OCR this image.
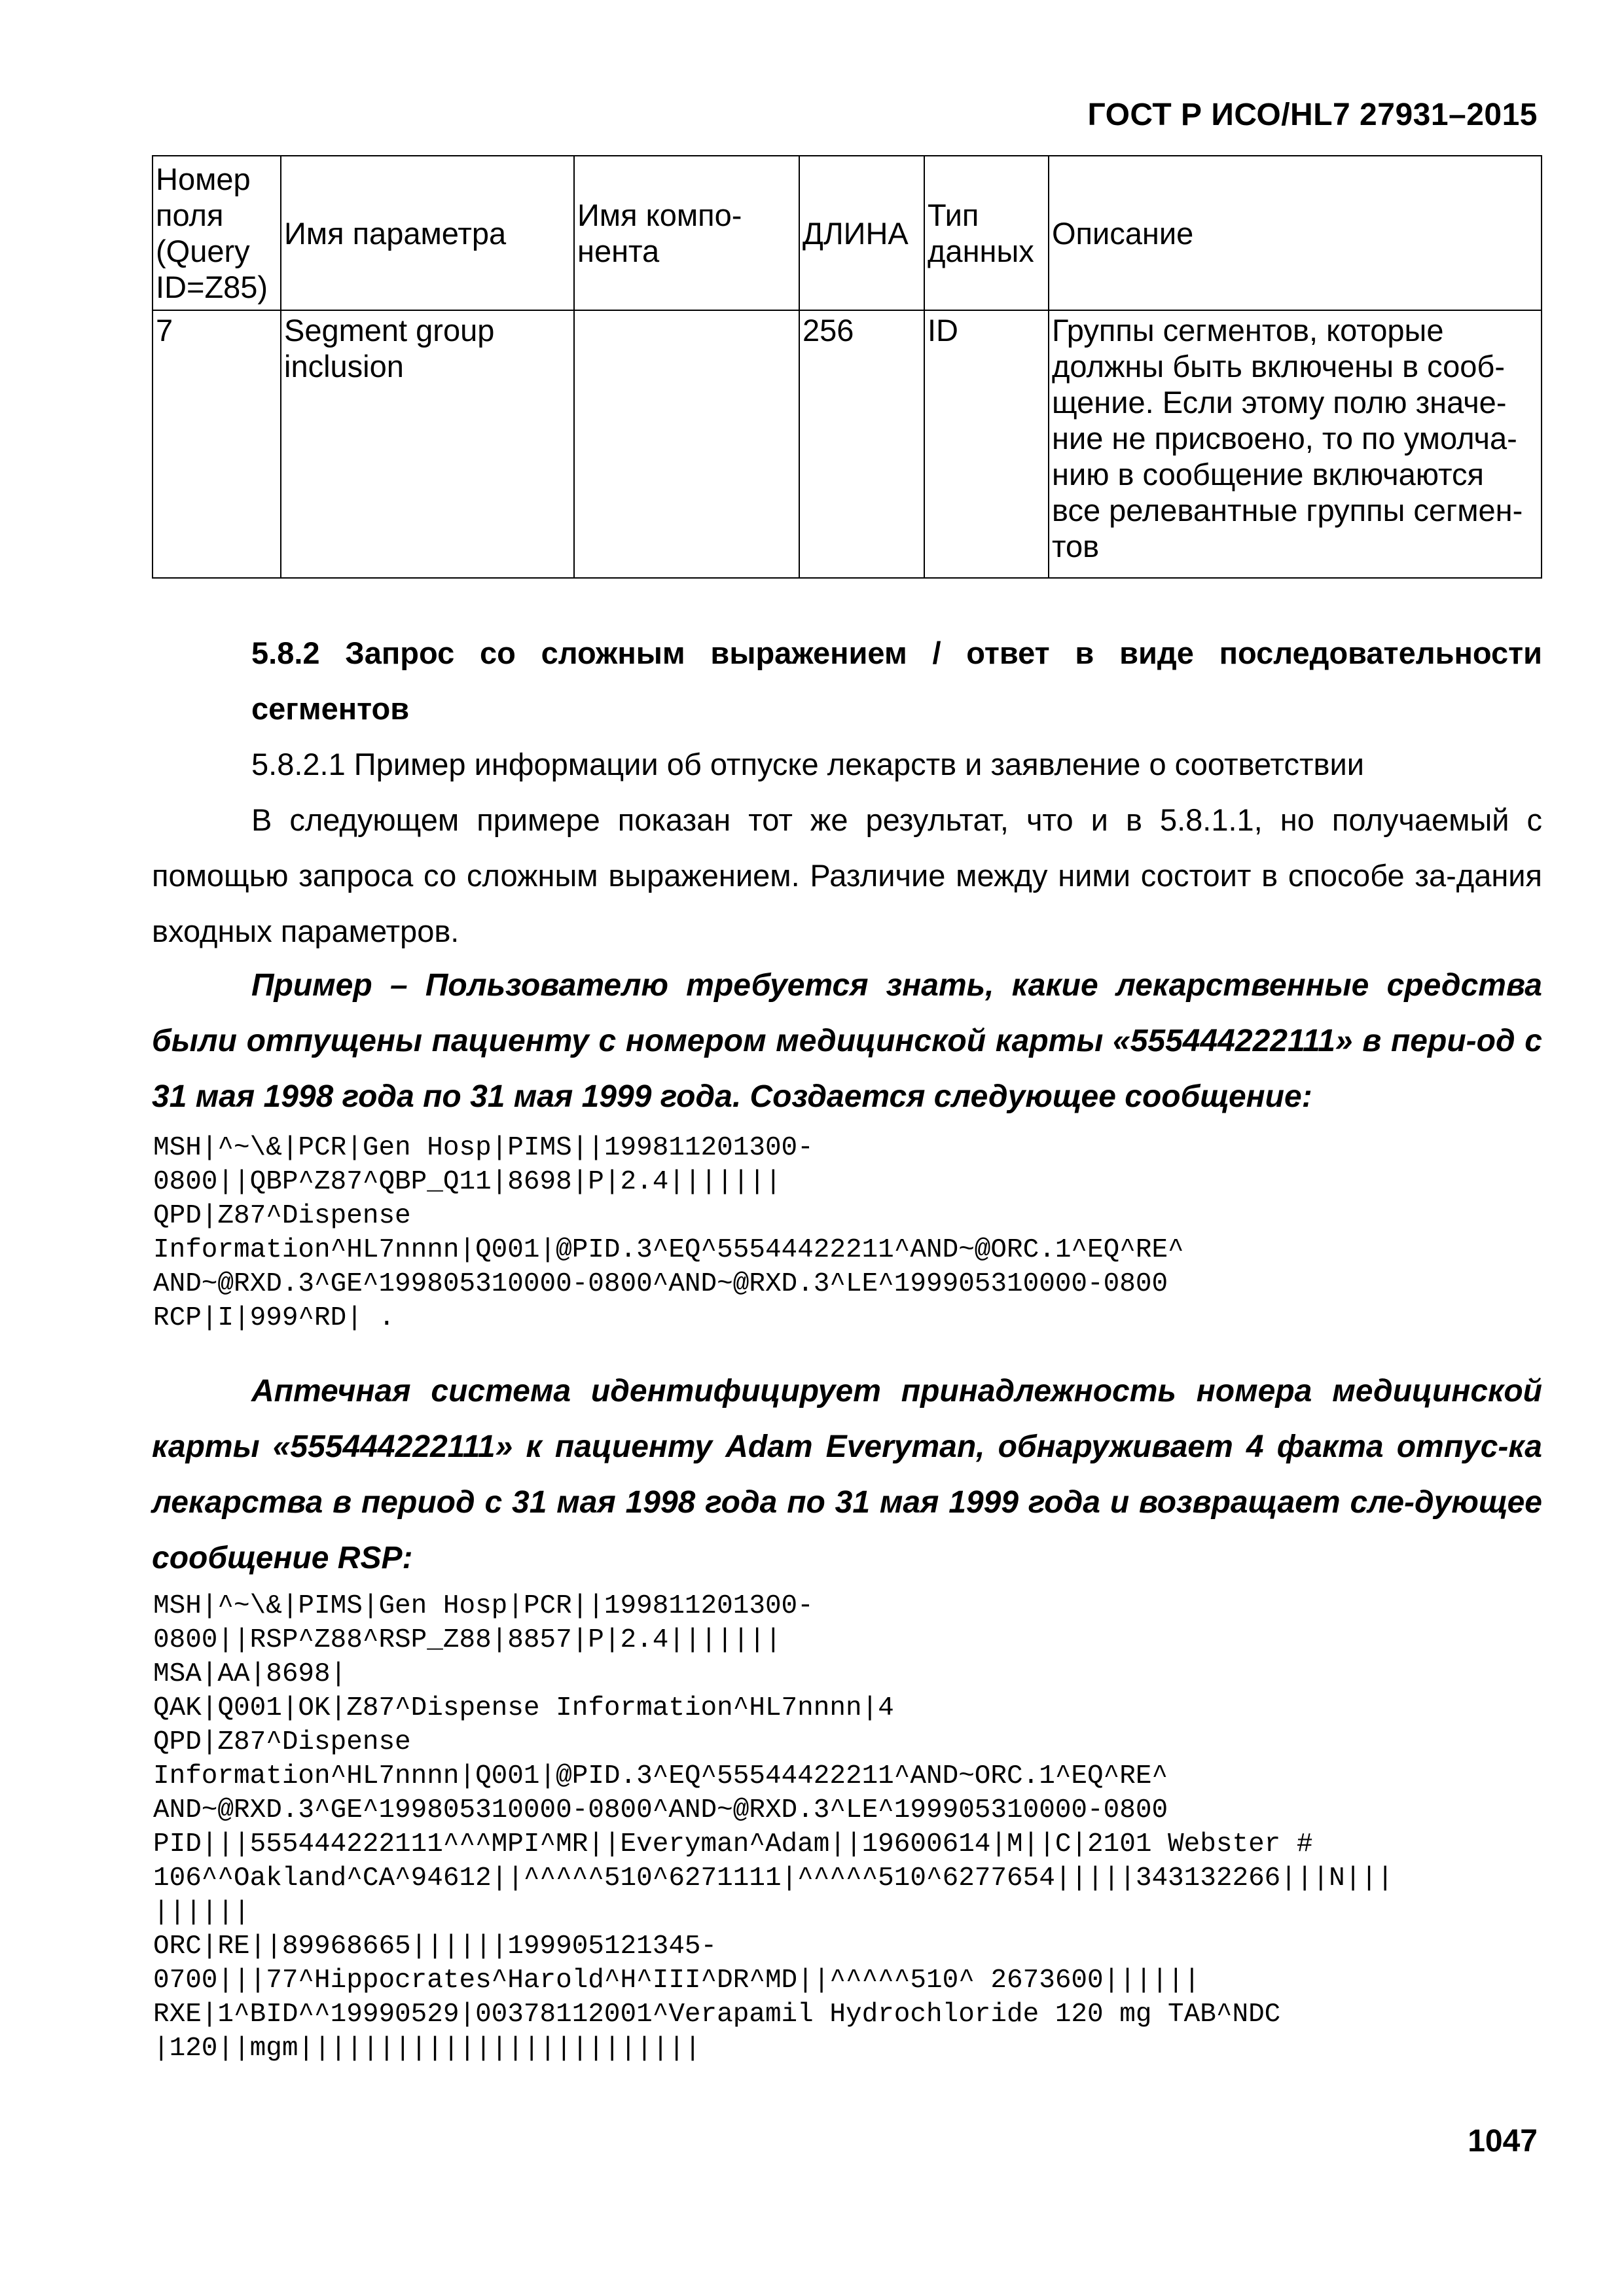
ГОСТ Р ИСО/HL7 27931–2015
Номер поля (Query ID=Z85)	Имя параметра	Имя компо-нента	ДЛИНА	Тип данных	Описание
7	Segment group inclusion		256	ID	Группы сегментов, которые должны быть включены в сооб-щение. Если этому полю значе-ние не присвоено, то по умолча-нию в сообщение включаются все релевантные группы сегмен-тов
5.8.2 Запрос со сложным выражением / ответ в виде последовательности сегментов
5.8.2.1 Пример информации об отпуске лекарств и заявление о соответствии
В следующем примере показан тот же результат, что и в 5.8.1.1, но получаемый с помощью запроса со сложным выражением. Различие между ними состоит в способе за-дания входных параметров.
Пример – Пользователю требуется знать, какие лекарственные средства были отпущены пациенту с номером медицинской карты «555444222111» в пери-од с 31 мая 1998 года по 31 мая 1999 года. Создается следующее сообщение:
MSH|^~\&|PCR|Gen Hosp|PIMS||199811201300-
0800||QBP^Z87^QBP_Q11|8698|P|2.4|||||||
QPD|Z87^Dispense
Information^HL7nnnn|Q001|@PID.3^EQ^55544422211^AND~@ORC.1^EQ^RE^
AND~@RXD.3^GE^199805310000-0800^AND~@RXD.3^LE^199905310000-0800
RCP|I|999^RD| .
Аптечная система идентифицирует принадлежность номера медицинской карты «555444222111» к пациенту Adam Everyman, обнаруживает 4 факта отпус-ка лекарства в период с 31 мая 1998 года по 31 мая 1999 года и возвращает сле-дующее сообщение RSP:
MSH|^~\&|PIMS|Gen Hosp|PCR||199811201300-
0800||RSP^Z88^RSP_Z88|8857|P|2.4|||||||
MSA|AA|8698|
QAK|Q001|OK|Z87^Dispense Information^HL7nnnn|4
QPD|Z87^Dispense
Information^HL7nnnn|Q001|@PID.3^EQ^55544422211^AND~ORC.1^EQ^RE^
AND~@RXD.3^GE^199805310000-0800^AND~@RXD.3^LE^199905310000-0800
PID|||555444222111^^^MPI^MR||Everyman^Adam||19600614|M||C|2101 Webster #
106^^Oakland^CA^94612||^^^^^510^6271111|^^^^^510^6277654|||||343132266|||N|||
||||||
ORC|RE||89968665||||||199905121345-
0700|||77^Hippocrates^Harold^H^III^DR^MD||^^^^^510^ 2673600||||||
RXE|1^BID^^19990529|00378112001^Verapamil Hydrochloride 120 mg TAB^NDC
|120||mgm|||||||||||||||||||||||||
1047
